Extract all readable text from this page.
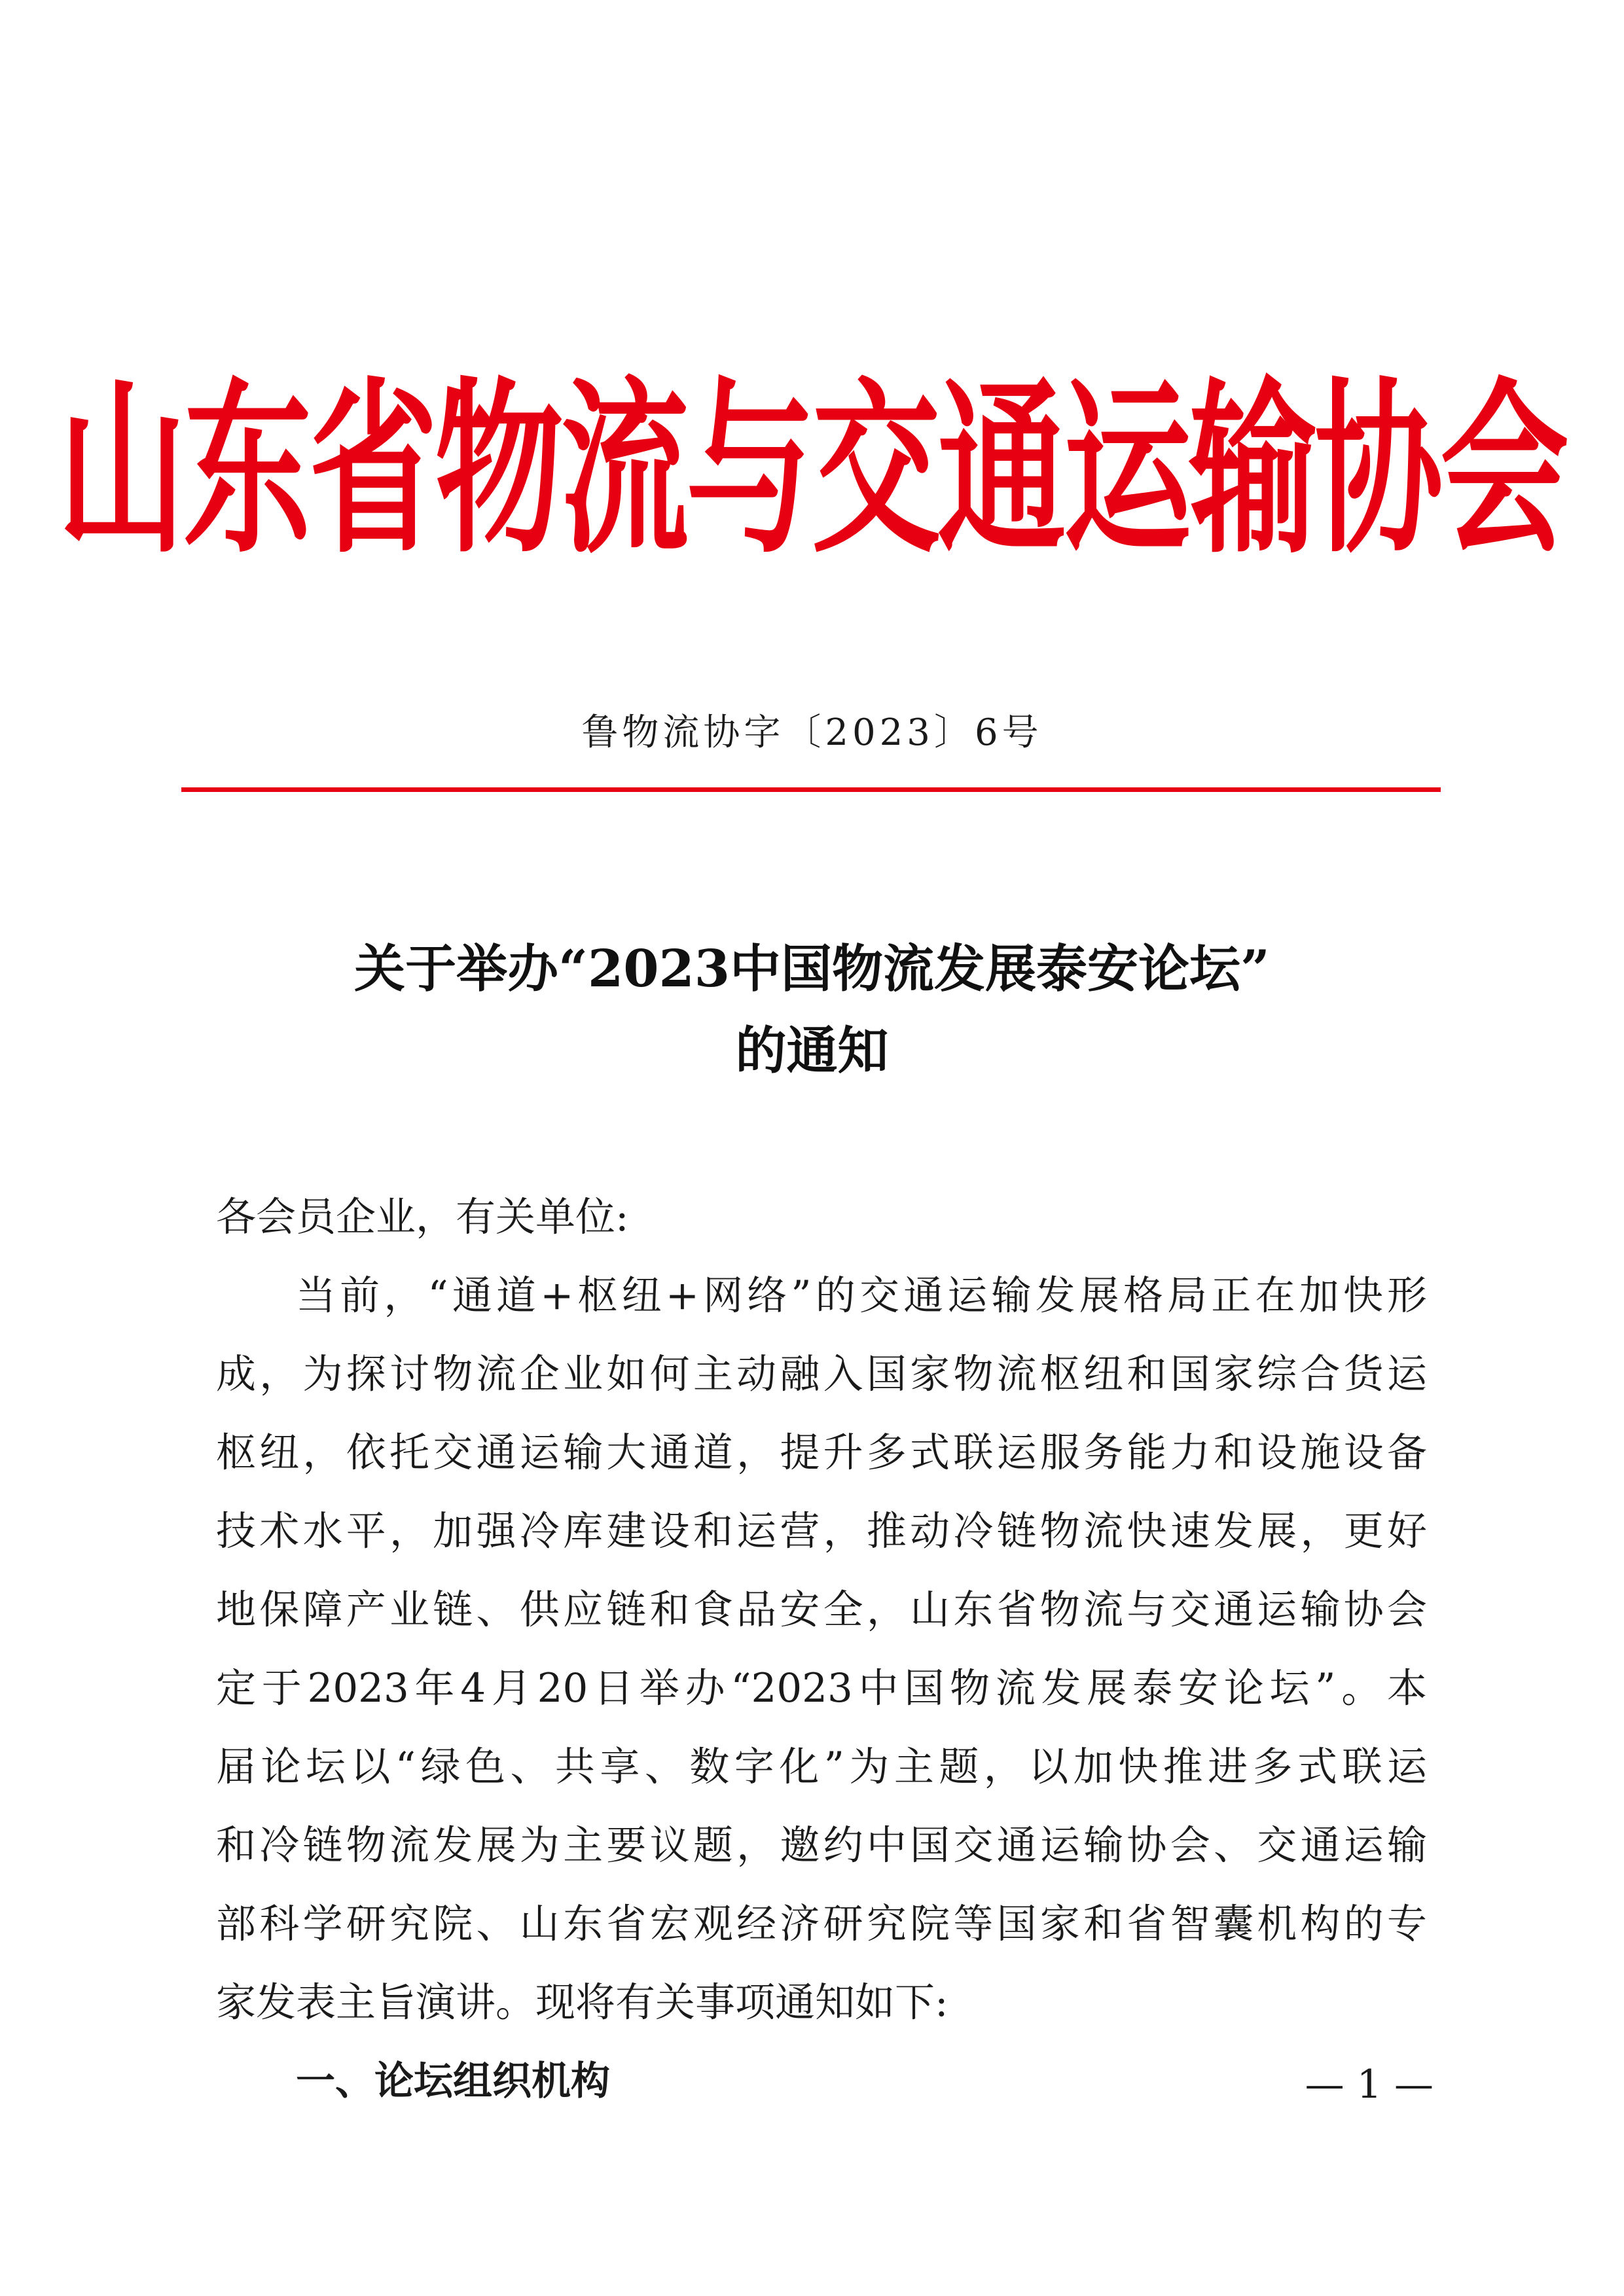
山东省物流与交通运输协会
鲁物流协字〔2023〕6号
关于举办“2023中国物流发展泰安论坛”
的通知

各会员企业，有关单位:

当前，“通道+枢纽+网络”的交通运输发展格局正在加快形
成，为探讨物流企业如何主动融入国家物流枢纽和国家综合货运
枢纽，依托交通运输大通道，提升多式联运服务能力和设施设备
技术水平，加强冷库建设和运营，推动冷链物流快速发展，更好
地保障产业链、供应链和食品安全，山东省物流与交通运输协会
定于2023年4月20日举办“2023中国物流发展泰安论坛”。本
届论坛以“绿色、共享、数字化”为主题，以加快推进多式联运
和冷链物流发展为主要议题，邀约中国交通运输协会、交通运输
部科学研究院、山东省宏观经济研究院等国家和省智囊机构的专
家发表主旨演讲。现将有关事项通知如下:

一、论坛组织机构	— 1 —
